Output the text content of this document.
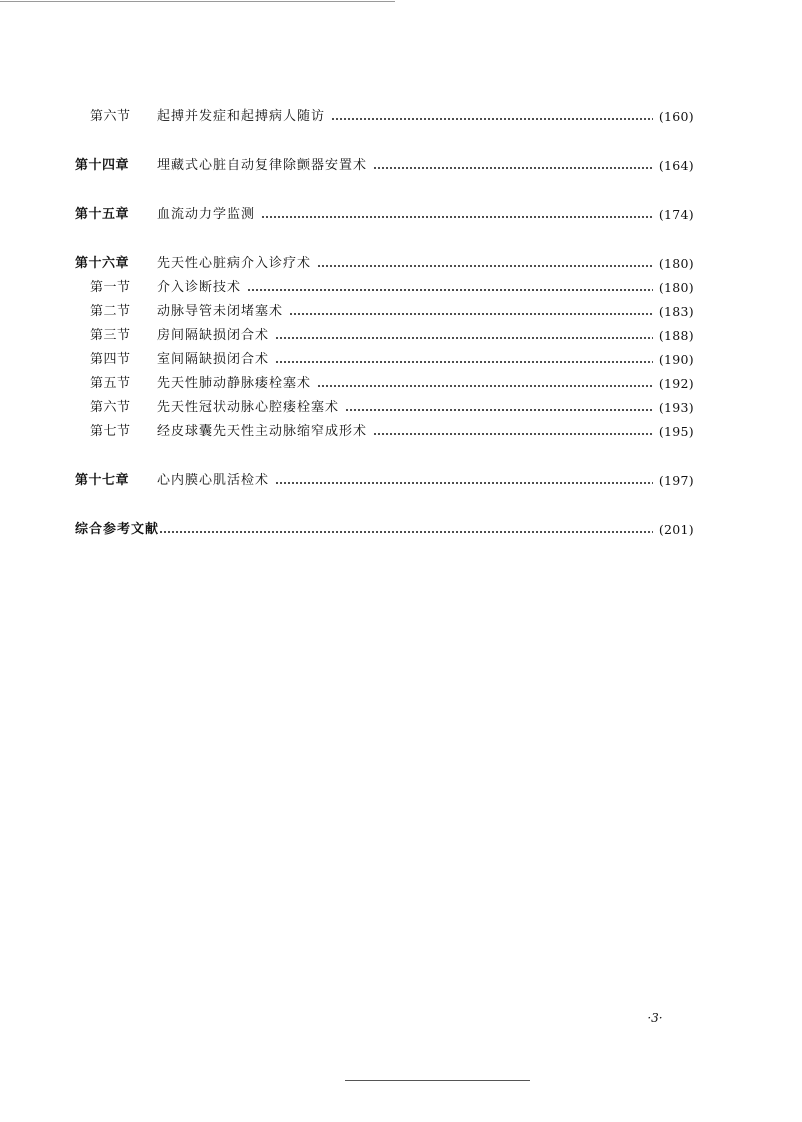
第六节	起搏并发症和起搏病人随访	(160)
第十四章	埋藏式心脏自动复律除颤器安置术	(164)
第十五章	血流动力学监测	(174)
第十六章	先天性心脏病介入诊疗术	(180)
第一节	介入诊断技术	(180)
第二节	动脉导管未闭堵塞术	(183)
第三节	房间隔缺损闭合术	(188)
第四节	室间隔缺损闭合术	(190)
第五节	先天性肺动静脉瘘栓塞术	(192)
第六节	先天性冠状动脉心腔瘘栓塞术	(193)
第七节	经皮球囊先天性主动脉缩窄成形术	(195)
第十七章	心内膜心肌活检术	(197)
综合参考文献	(201)
·3·
